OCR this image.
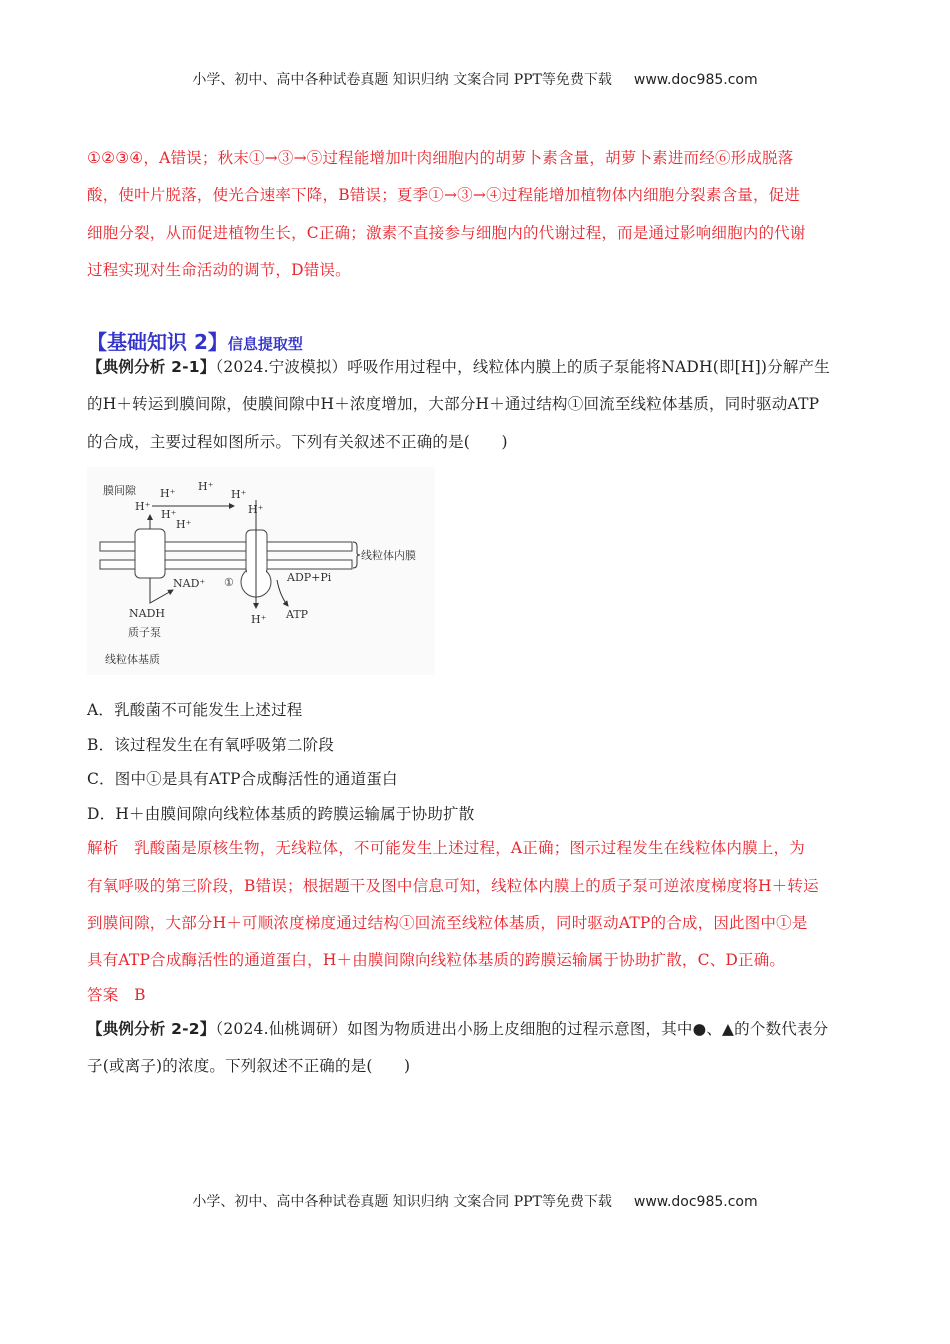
小学、初中、高中各种试卷真题 知识归纳 文案合同 PPT等免费下载 www.doc985.com
①②③④，A错误；秋末①→③→⑤过程能增加叶肉细胞内的胡萝卜素含量，胡萝卜素进而经⑥形成脱落
酸，使叶片脱落，使光合速率下降，B错误；夏季①→③→④过程能增加植物体内细胞分裂素含量，促进
细胞分裂，从而促进植物生长，C正确；激素不直接参与细胞内的代谢过程，而是通过影响细胞内的代谢
过程实现对生命活动的调节，D错误。
【基础知识 2】信息提取型
【典例分析 2-1】（2024.宁波模拟）呼吸作用过程中，线粒体内膜上的质子泵能将NADH(即[H])分解产生
的H＋转运到膜间隙，使膜间隙中H＋浓度增加，大部分H＋通过结构①回流至线粒体基质，同时驱动ATP
的合成，主要过程如图所示。下列有关叙述不正确的是(　　)
膜间隙
H⁺
H⁺
H⁺
H⁺
H⁺
H⁺
H⁺
H⁺
线粒体内膜
NAD⁺
NADH
质子泵
线粒体基质
①	ADP+Pi
ATP
A．乳酸菌不可能发生上述过程
B．该过程发生在有氧呼吸第二阶段
C．图中①是具有ATP合成酶活性的通道蛋白
D．H＋由膜间隙向线粒体基质的跨膜运输属于协助扩散
解析　乳酸菌是原核生物，无线粒体，不可能发生上述过程，A正确；图示过程发生在线粒体内膜上，为
有氧呼吸的第三阶段，B错误；根据题干及图中信息可知，线粒体内膜上的质子泵可逆浓度梯度将H＋转运
到膜间隙，大部分H＋可顺浓度梯度通过结构①回流至线粒体基质，同时驱动ATP的合成，因此图中①是
具有ATP合成酶活性的通道蛋白，H＋由膜间隙向线粒体基质的跨膜运输属于协助扩散，C、D正确。
答案　B
【典例分析 2-2】（2024.仙桃调研）如图为物质进出小肠上皮细胞的过程示意图，其中●、▲的个数代表分
子(或离子)的浓度。下列叙述不正确的是(　　)
小学、初中、高中各种试卷真题 知识归纳 文案合同 PPT等免费下载 www.doc985.com
